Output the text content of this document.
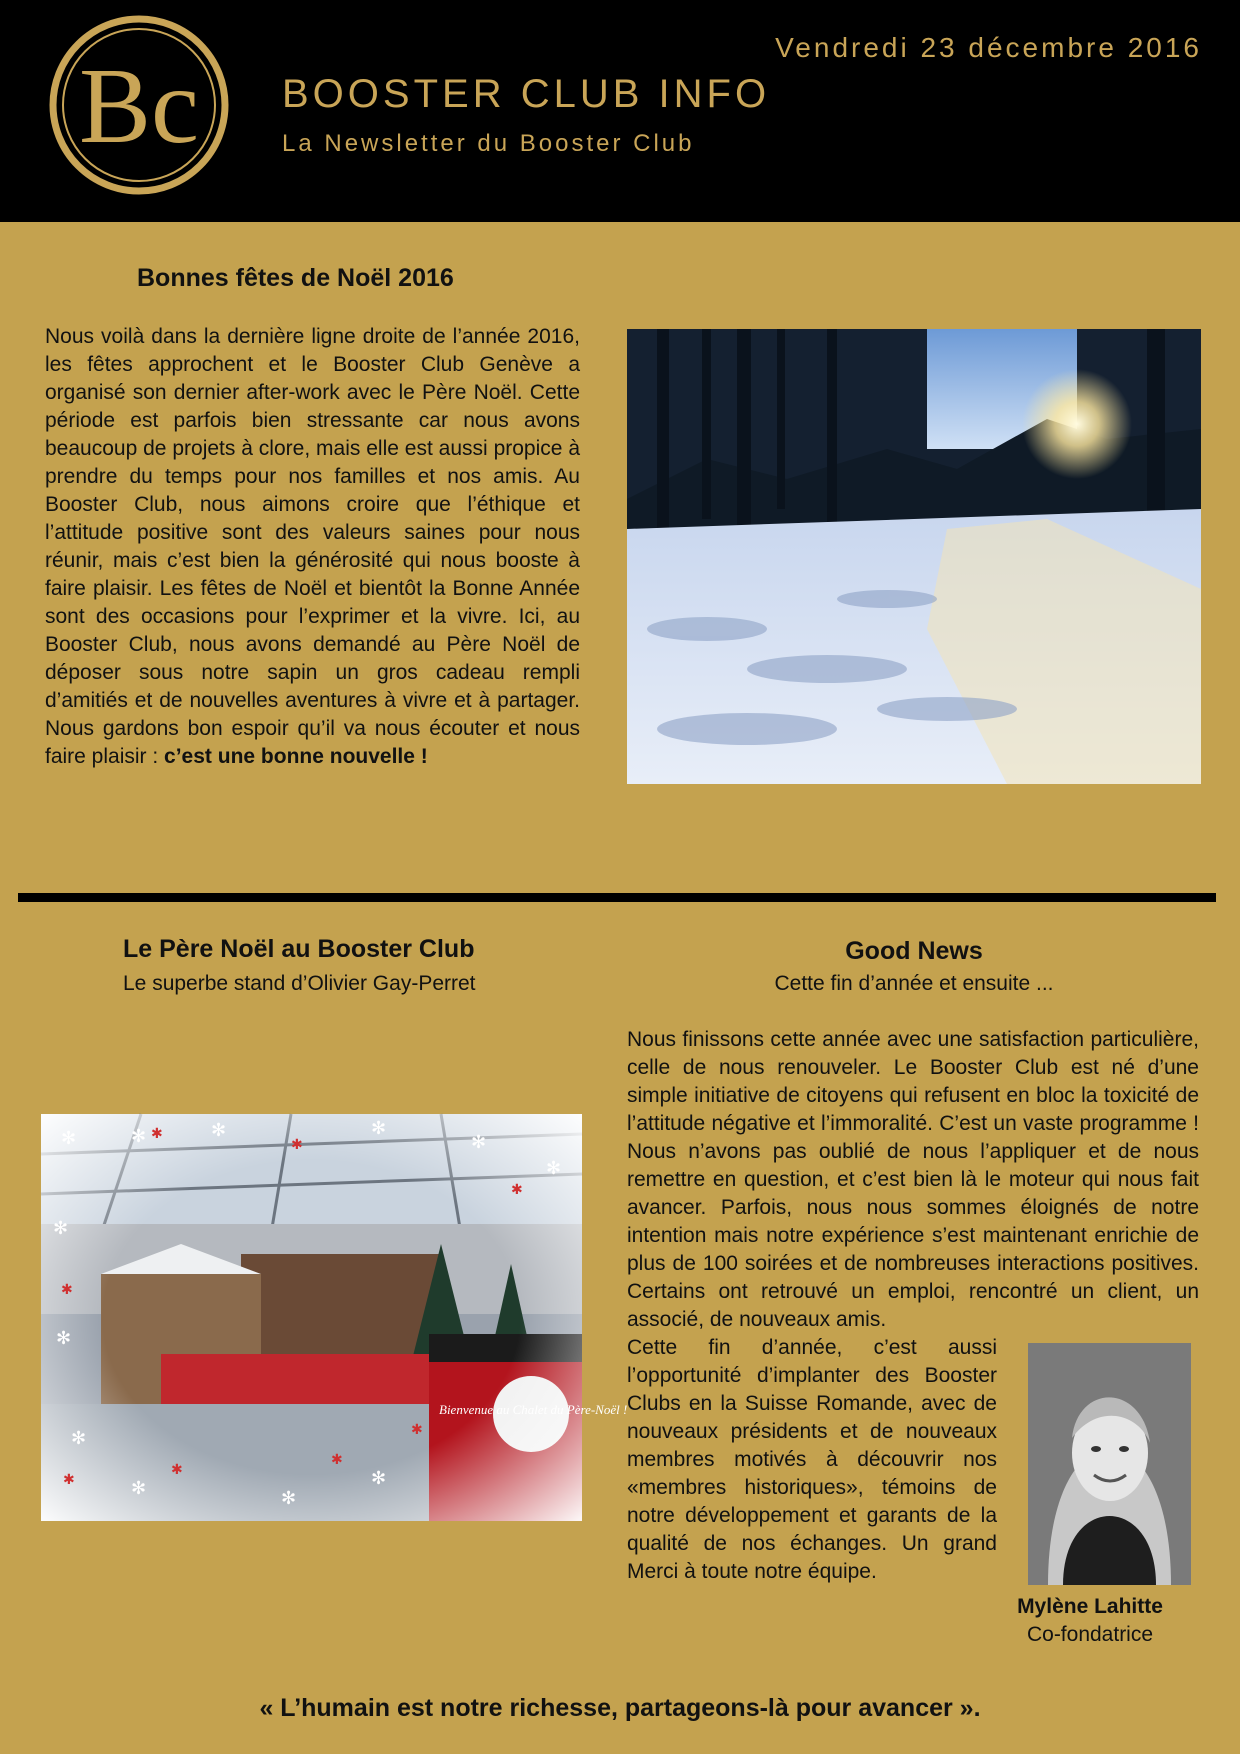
Bc	Vendredi 23 décembre 2016
BOOSTER CLUB INFO
La Newsletter du Booster Club
Bonnes fêtes de Noël 2016
Nous voilà dans la dernière ligne droite de l’année 2016, les fêtes approchent et le Booster Club Genève a organisé son dernier after-work avec le Père Noël. Cette période est parfois bien stressante car nous avons beaucoup de projets à clore, mais elle est aussi propice à prendre du temps pour nos familles et nos amis. Au Booster Club, nous aimons croire que l’éthique et l’attitude positive sont des valeurs saines pour nous réunir, mais c’est bien la générosité qui nous booste à faire plaisir. Les fêtes de Noël et bientôt la Bonne Année sont des occasions pour l’exprimer et la vivre. Ici, au Booster Club, nous avons demandé au Père Noël de déposer sous notre sapin un gros cadeau rempli d’amitiés et de nouvelles aventures à vivre et à partager. Nous gardons bon espoir qu’il va nous écouter et nous faire plaisir : c’est une bonne nouvelle !
Le Père Noël au Booster Club
Le superbe stand d’Olivier Gay-Perret
✻	✻	✻	✻
✻
✻
✻
✻
✻
✻	✻
✻
✱
✱
✱
✱
✱
✱
✱
✱
Bienvenue au Chalet du Père-Noël !
Good News
Cette fin d’année et ensuite ...
Nous finissons cette année avec une satisfaction particulière, celle de nous renouveler. Le Booster Club est né d’une simple initiative de citoyens qui refusent en bloc la toxicité de l’attitude négative et l’immoralité. C’est un vaste programme ! Nous n’avons pas oublié de nous l’appliquer et de nous remettre en question, et c’est bien là le moteur qui nous fait avancer. Parfois, nous nous sommes éloignés de notre intention mais notre expérience s’est maintenant enrichie de plus de 100 soirées et de nombreuses interactions positives. Certains ont retrouvé un emploi, rencontré un client, un associé, de nouveaux amis.
Cette fin d’année, c’est aussi l’opportunité d’implanter des Booster Clubs en la Suisse Romande, avec de nouveaux présidents et de nouveaux membres motivés à découvrir nos «membres historiques», témoins de notre développement et garants de la qualité de nos échanges. Un grand Merci à toute notre équipe.
Mylène Lahitte
Co-fondatrice
« L’humain est notre richesse, partageons-là pour avancer ».
